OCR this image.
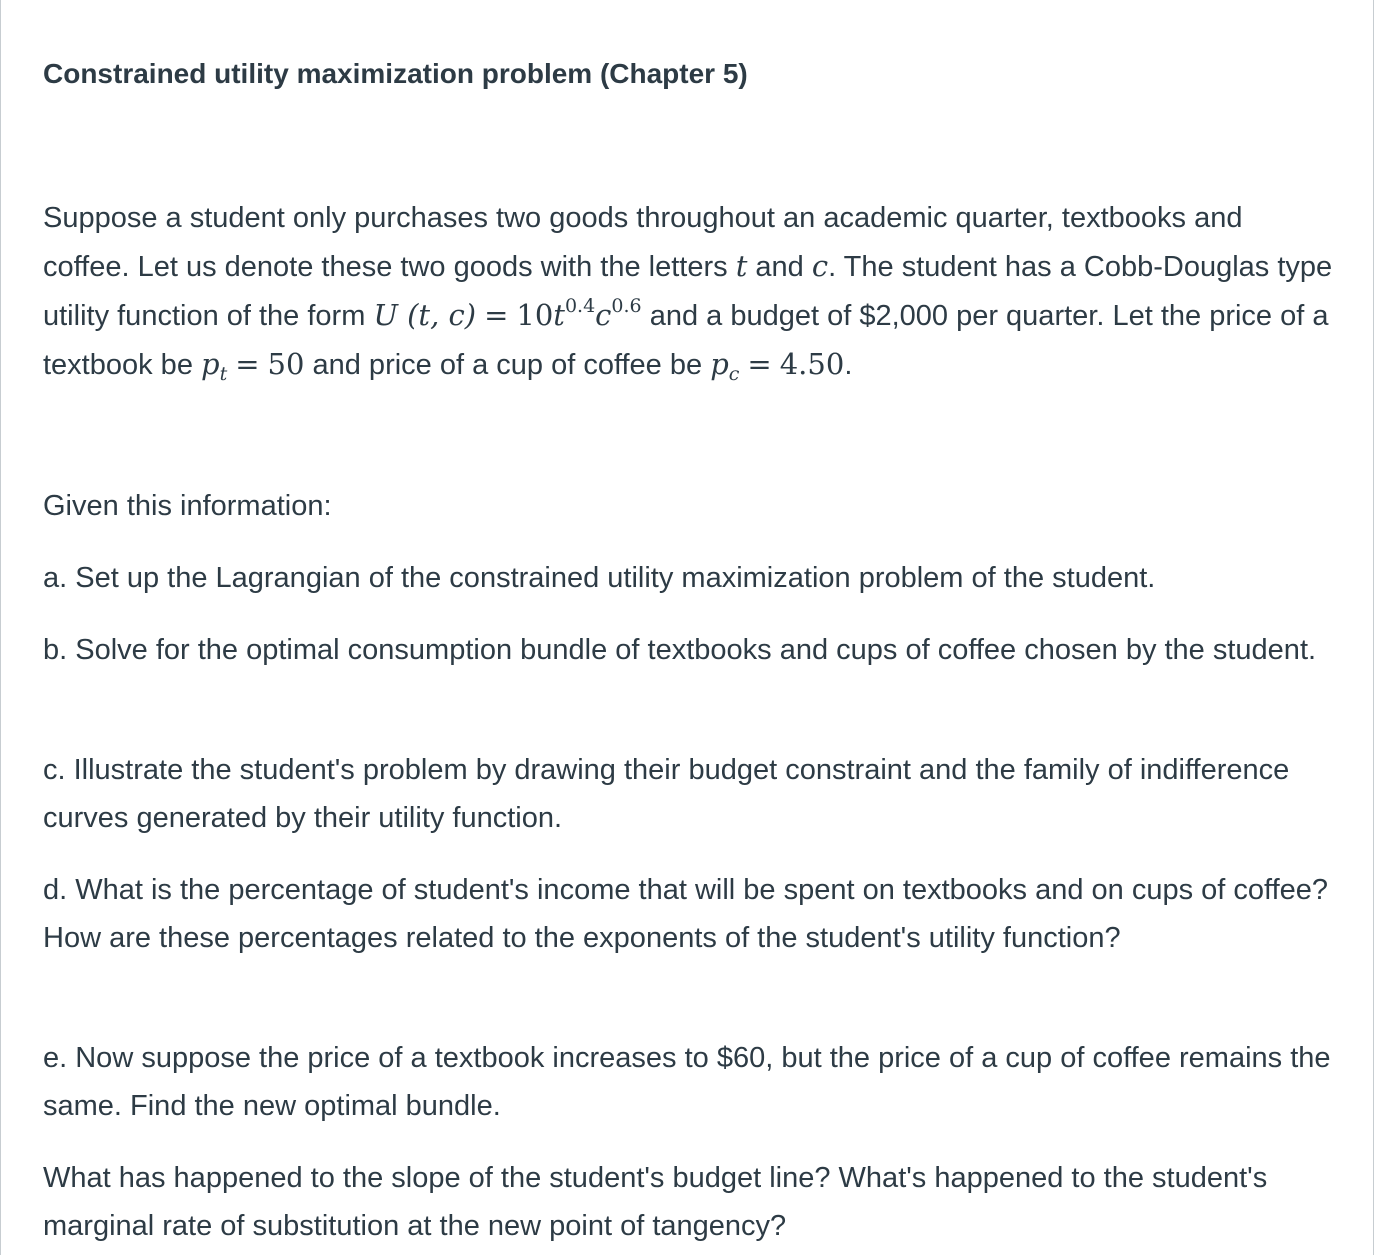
Constrained utility maximization problem (Chapter 5)

Suppose a student only purchases two goods throughout an academic quarter, textbooks and coffee. Let us denote these two goods with the letters t and c. The student has a Cobb-Douglas type utility function of the form U (t, $c) = 10t^{0.4}c^{0.6}$ and a budget of $2,000 per quarter. Let the price of a textbook be $p_t = 50$ and price of a cup of coffee be $p_c = 4.50$.

Given this information:

a. Set up the Lagrangian of the constrained utility maximization problem of the student.

b. Solve for the optimal consumption bundle of textbooks and cups of coffee chosen by the student.

c. Illustrate the student's problem by drawing their budget constraint and the family of indifference curves generated by their utility function.

d. What is the percentage of student's income that will be spent on textbooks and on cups of coffee? How are these percentages related to the exponents of the student's utility function?

e. Now suppose the price of a textbook increases to $60, but the price of a cup of coffee remains the same. Find the new optimal bundle.

What has happened to the slope of the student's budget line? What's happened to the student's marginal rate of substitution at the new point of tangency?
